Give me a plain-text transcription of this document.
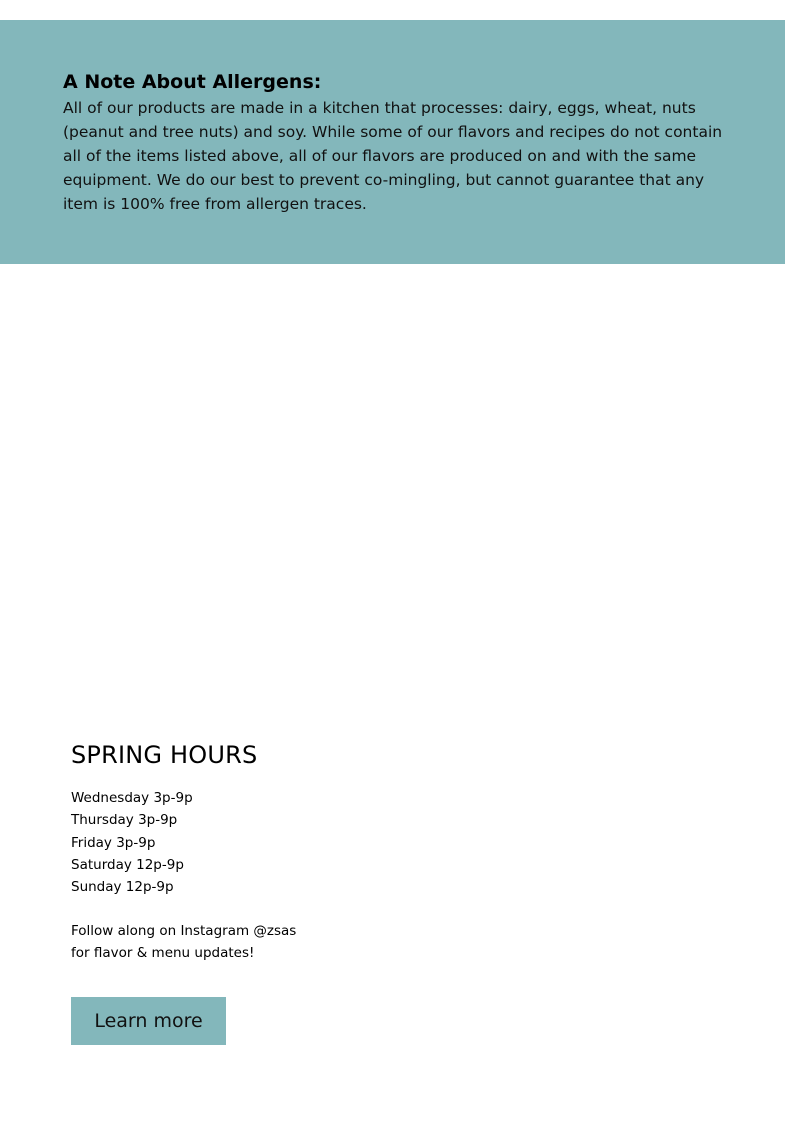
A Note About Allergens:

All of our products are made in a kitchen that processes: dairy, eggs, wheat, nuts (peanut and tree nuts) and soy. While some of our flavors and recipes do not contain all of the items listed above, all of our flavors are produced on and with the same equipment. We do our best to prevent co-mingling, but cannot guarantee that any item is 100% free from allergen traces.

SPRING HOURS
Wednesday 3p-9p
Thursday 3p-9p
Friday 3p-9p
Saturday 12p-9p
Sunday 12p-9p

Follow along on Instagram @zsas
for flavor & menu updates!

Learn more
